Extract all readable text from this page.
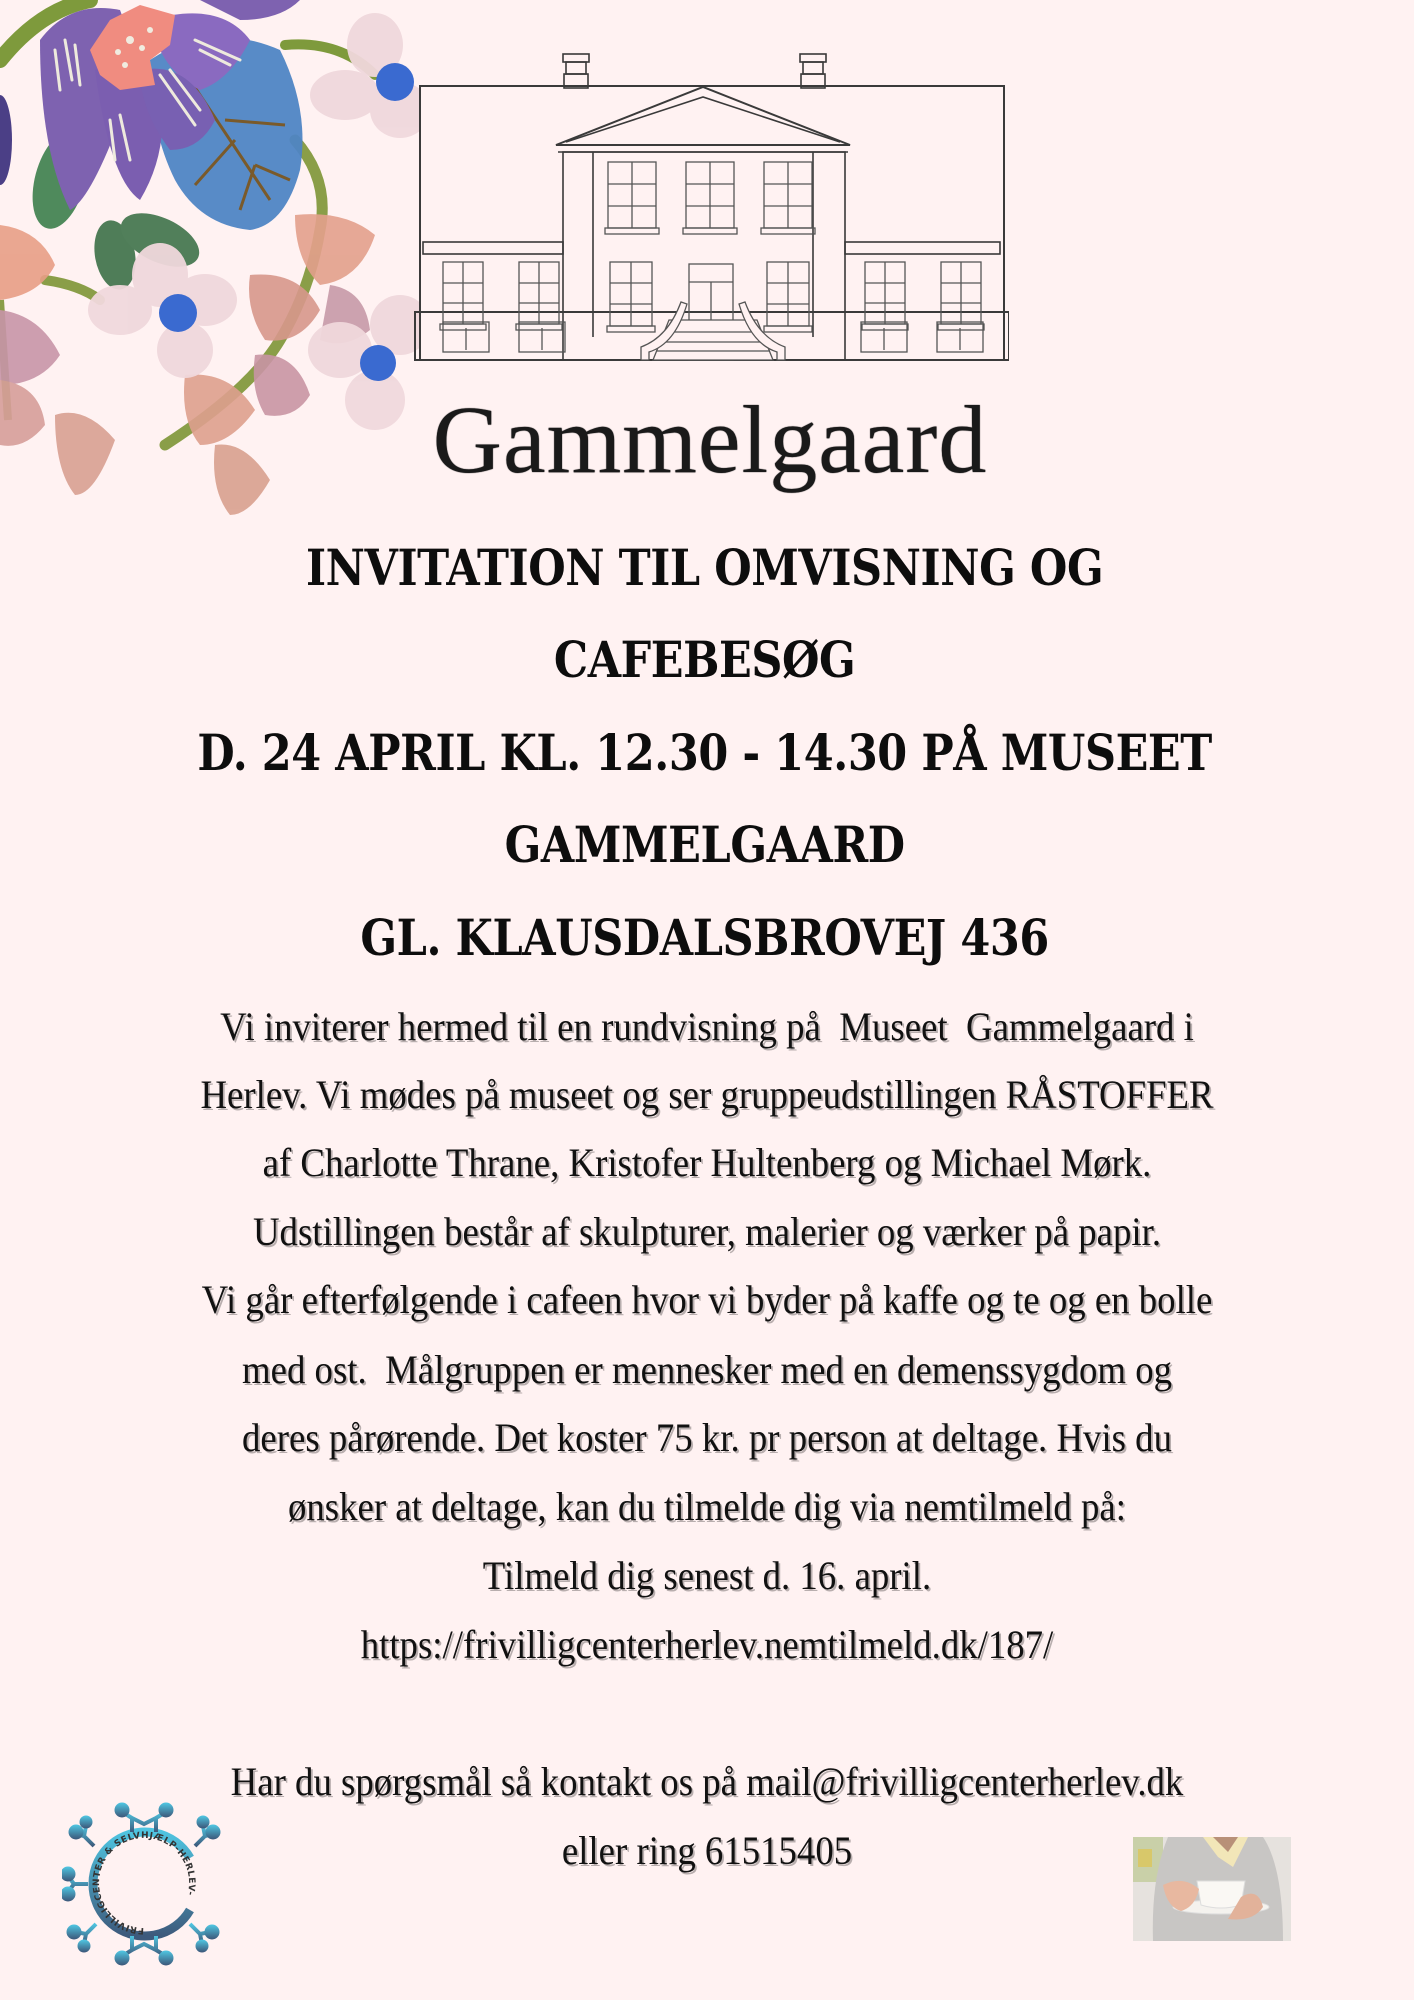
Gammelgaard
INVITATION TIL OMVISNING OG
CAFEBESØG
D. 24 APRIL KL. 12.30 - 14.30 PÅ MUSEET
GAMMELGAARD
GL. KLAUSDALSBROVEJ 436
Vi inviterer hermed til en rundvisning på  Museet  Gammelgaard i
Herlev. Vi mødes på museet og ser gruppeudstillingen RÅSTOFFER
af Charlotte Thrane, Kristofer Hultenberg og Michael Mørk.
Udstillingen består af skulpturer, malerier og værker på papir.
Vi går efterfølgende i cafeen hvor vi byder på kaffe og te og en bolle
med ost.  Målgruppen er mennesker med en demenssygdom og
deres pårørende. Det koster 75 kr. pr person at deltage. Hvis du
ønsker at deltage, kan du tilmelde dig via nemtilmeld på:
Tilmeld dig senest d. 16. april.
https://frivilligcenterherlev.nemtilmeld.dk/187/
Har du spørgsmål så kontakt os på mail@frivilligcenterherlev.dk
eller ring 61515405
FRIVILLIGCENTER & SELVHJÆLP-HERLEV-
